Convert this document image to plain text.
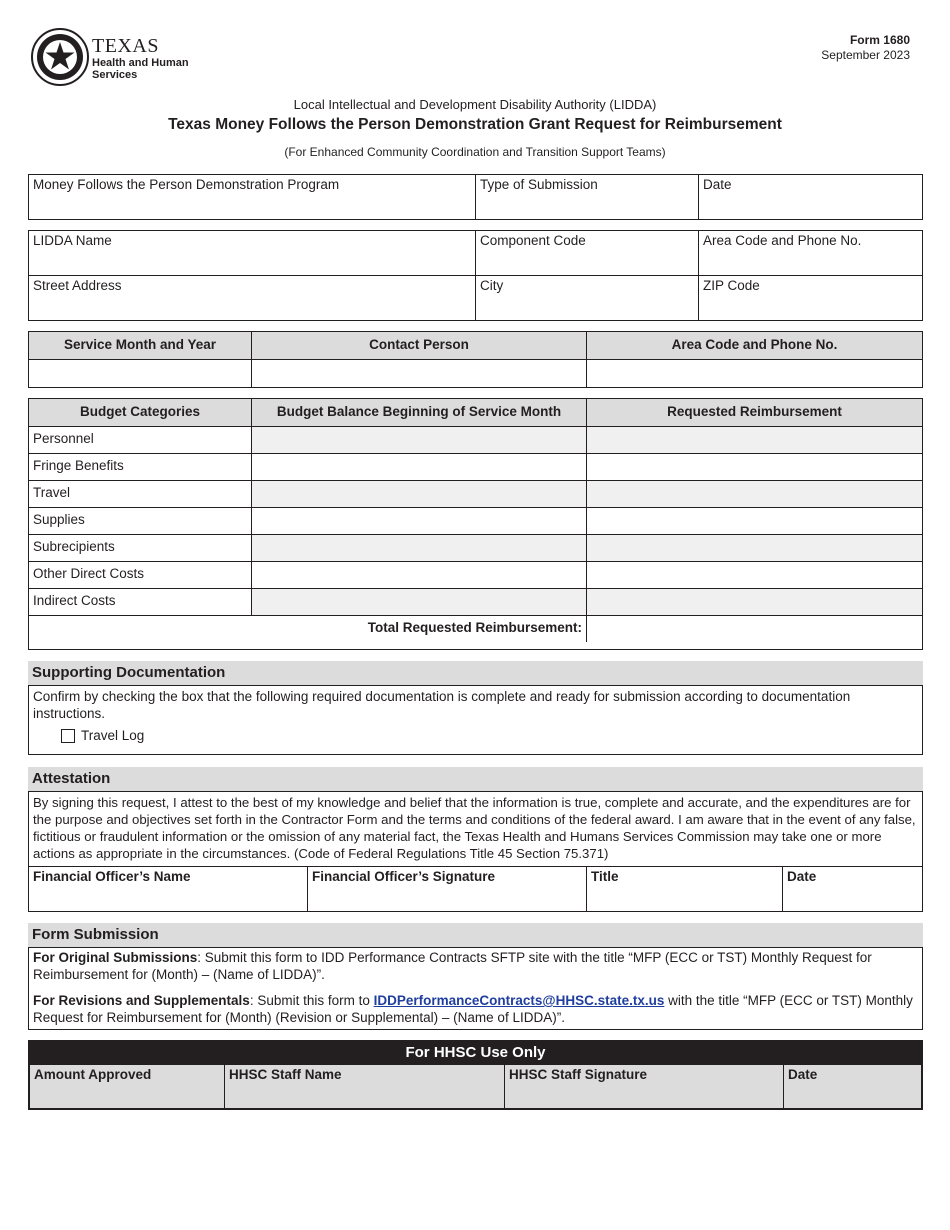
TEXAS
Health and Human
Services
Form 1680
September 2023
Local Intellectual and Development Disability Authority (LIDDA)
Texas Money Follows the Person Demonstration Grant Request for Reimbursement
(For Enhanced Community Coordination and Transition Support Teams)
Money Follows the Person Demonstration Program	Type of Submission	Date
LIDDA Name	Component Code	Area Code and Phone No.
Street Address	City	ZIP Code
Service Month and Year	Contact Person	Area Code and Phone No.
Budget Categories	Budget Balance Beginning of Service Month	Requested Reimbursement
Personnel
Fringe Benefits
Travel
Supplies
Subrecipients
Other Direct Costs
Indirect Costs
Total Requested Reimbursement:
Supporting Documentation
Confirm by checking the box that the following required documentation is complete and ready for submission according to documentation instructions.
Travel Log
Attestation
By signing this request, I attest to the best of my knowledge and belief that the information is true, complete and accurate, and the expenditures are for the purpose and objectives set forth in the Contractor Form and the terms and conditions of the federal award. I am aware that in the event of any false, fictitious or fraudulent information or the omission of any material fact, the Texas Health and Humans Services Commission may take one or more actions as appropriate in the circumstances. (Code of Federal Regulations Title 45 Section 75.371)
Financial Officer’s Name	Financial Officer’s Signature	Title	Date
Form Submission
For Original Submissions: Submit this form to IDD Performance Contracts SFTP site with the title “MFP (ECC or TST) Monthly Request for Reimbursement for (Month) – (Name of LIDDA)”.
For Revisions and Supplementals: Submit this form to IDDPerformanceContracts@HHSC.state.tx.us with the title “MFP (ECC or TST) Monthly Request for Reimbursement for (Month) (Revision or Supplemental) – (Name of LIDDA)”.
For HHSC Use Only
Amount Approved	HHSC Staff Name	HHSC Staff Signature	Date
